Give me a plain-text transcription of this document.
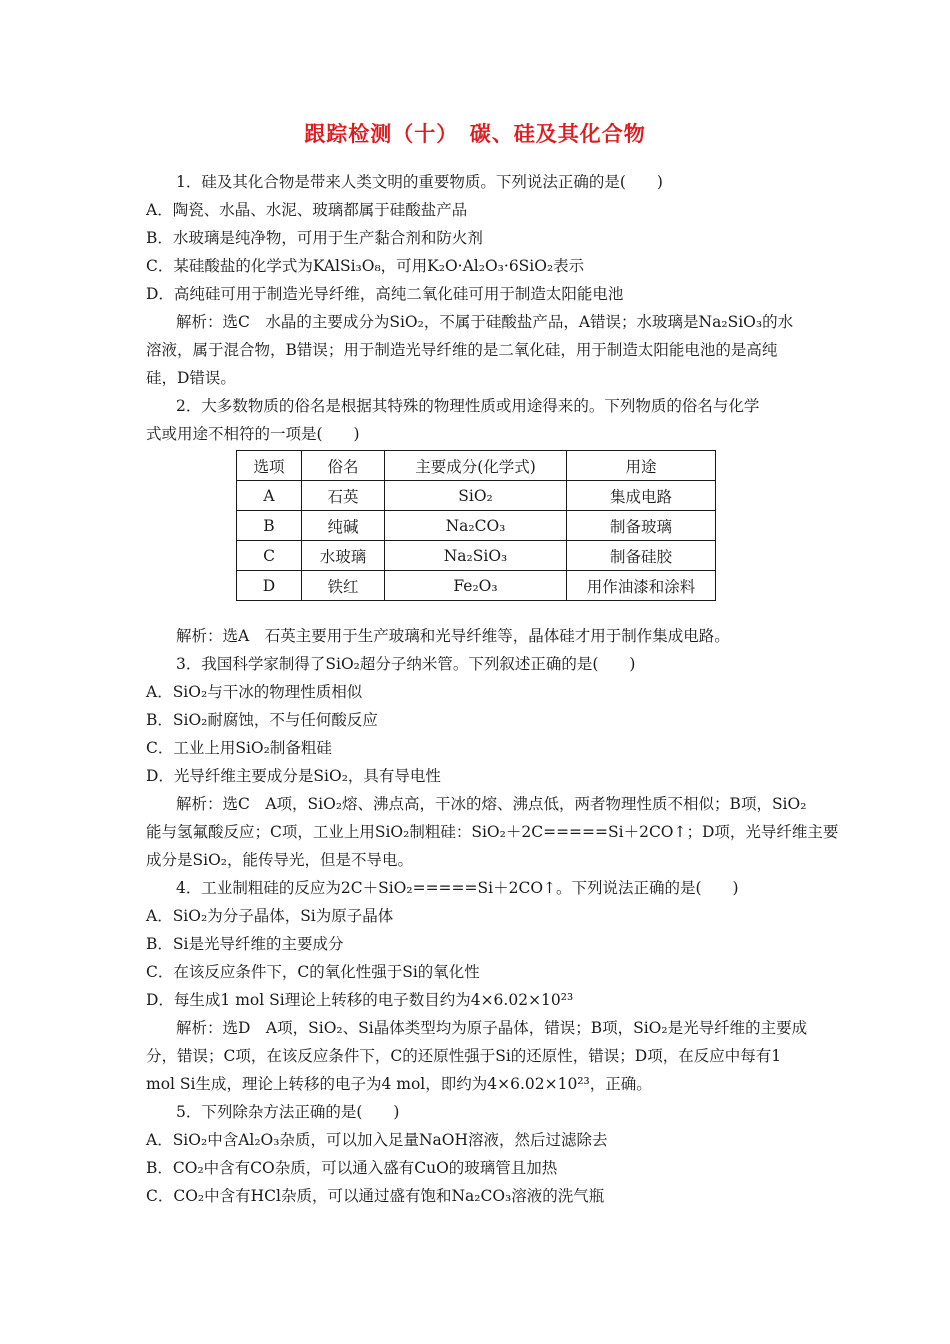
跟踪检测（十）　碳、硅及其化合物
1．硅及其化合物是带来人类文明的重要物质。下列说法正确的是(　　)
A．陶瓷、水晶、水泥、玻璃都属于硅酸盐产品
B．水玻璃是纯净物，可用于生产黏合剂和防火剂
C．某硅酸盐的化学式为KAlSi₃O₈，可用K₂O·Al₂O₃·6SiO₂表示
D．高纯硅可用于制造光导纤维，高纯二氧化硅可用于制造太阳能电池
解析：选C　水晶的主要成分为SiO₂，不属于硅酸盐产品，A错误；水玻璃是Na₂SiO₃的水
溶液，属于混合物，B错误；用于制造光导纤维的是二氧化硅，用于制造太阳能电池的是高纯
硅，D错误。
2．大多数物质的俗名是根据其特殊的物理性质或用途得来的。下列物质的俗名与化学
式或用途不相符的一项是(　　)
选项	俗名	主要成分(化学式)	用途
A	石英	SiO₂	集成电路
B	纯碱	Na₂CO₃	制备玻璃
C	水玻璃	Na₂SiO₃	制备硅胶
D	铁红	Fe₂O₃	用作油漆和涂料
解析：选A　石英主要用于生产玻璃和光导纤维等，晶体硅才用于制作集成电路。
3．我国科学家制得了SiO₂超分子纳米管。下列叙述正确的是(　　)
A．SiO₂与干冰的物理性质相似
B．SiO₂耐腐蚀，不与任何酸反应
C．工业上用SiO₂制备粗硅
D．光导纤维主要成分是SiO₂，具有导电性
解析：选C　A项，SiO₂熔、沸点高，干冰的熔、沸点低，两者物理性质不相似；B项，SiO₂
能与氢氟酸反应；C项，工业上用SiO₂制粗硅：SiO₂＋2C=====Si＋2CO↑；D项，光导纤维主要
成分是SiO₂，能传导光，但是不导电。
4．工业制粗硅的反应为2C＋SiO₂=====Si＋2CO↑。下列说法正确的是(　　)
A．SiO₂为分子晶体，Si为原子晶体
B．Si是光导纤维的主要成分
C．在该反应条件下，C的氧化性强于Si的氧化性
D．每生成1 mol Si理论上转移的电子数目约为4×6.02×10²³
解析：选D　A项，SiO₂、Si晶体类型均为原子晶体，错误；B项，SiO₂是光导纤维的主要成
分，错误；C项，在该反应条件下，C的还原性强于Si的还原性，错误；D项，在反应中每有1
mol Si生成，理论上转移的电子为4 mol，即约为4×6.02×10²³，正确。
5．下列除杂方法正确的是(　　)
A．SiO₂中含Al₂O₃杂质，可以加入足量NaOH溶液，然后过滤除去
B．CO₂中含有CO杂质，可以通入盛有CuO的玻璃管且加热
C．CO₂中含有HCl杂质，可以通过盛有饱和Na₂CO₃溶液的洗气瓶
